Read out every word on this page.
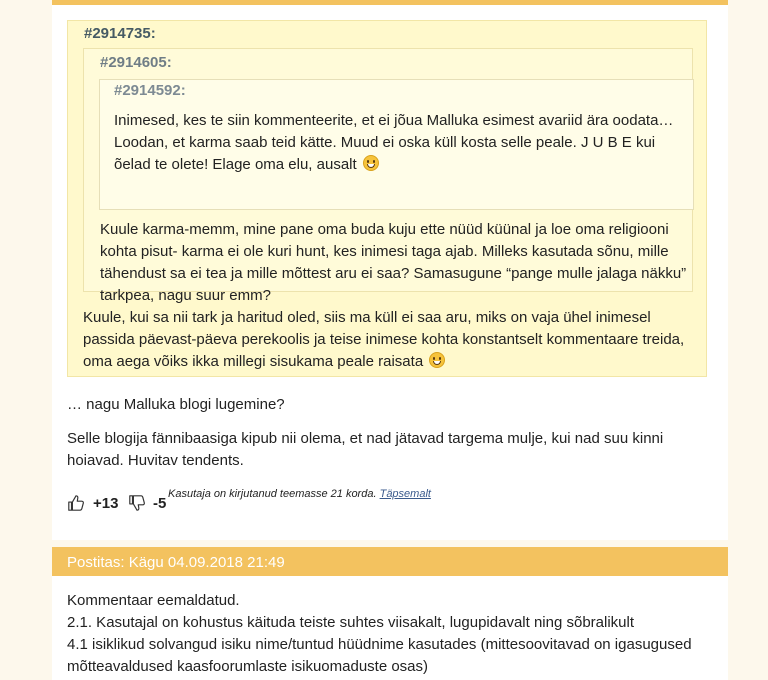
#2914735:
#2914605:
#2914592:

Inimesed, kes te siin kommenteerite, et ei jõua Malluka esimest avariid ära oodata… Loodan, et karma saab teid kätte. Muud ei oska küll kosta selle peale. J U B E kui õelad te olete! Elage oma elu, ausalt

Kuule karma-memm, mine pane oma buda kuju ette nüüd küünal ja loe oma religiooni kohta pisut- karma ei ole kuri hunt, kes inimesi taga ajab. Milleks kasutada sõnu, mille tähendust sa ei tea ja mille mõttest aru ei saa? Samasugune “pange mulle jalaga näkku” tarkpea, nagu suur emm?

Kuule, kui sa nii tark ja haritud oled, siis ma küll ei saa aru, miks on vaja ühel inimesel passida päevast-päeva perekoolis ja teise inimese kohta konstantselt kommentaare treida, oma aega võiks ikka millegi sisukama peale raisata

… nagu Malluka blogi lugemine?

Selle blogija fännibaasiga kipub nii olema, et nad jätavad targema mulje, kui nad suu kinni hoiavad. Huvitav tendents.

+13 -5
Kasutaja on kirjutanud teemasse 21 korda. Täpsemalt
Postitas: Kägu 04.09.2018 21:49

Kommentaar eemaldatud.

2.1. Kasutajal on kohustus käituda teiste suhtes viisakalt, lugupidavalt ning sõbralikult

4.1 isiklikud solvangud isiku nime/tuntud hüüdnime kasutades (mittesoovitavad on igasugused mõtteavaldused kaasfoorumlaste isikuomaduste osas)
